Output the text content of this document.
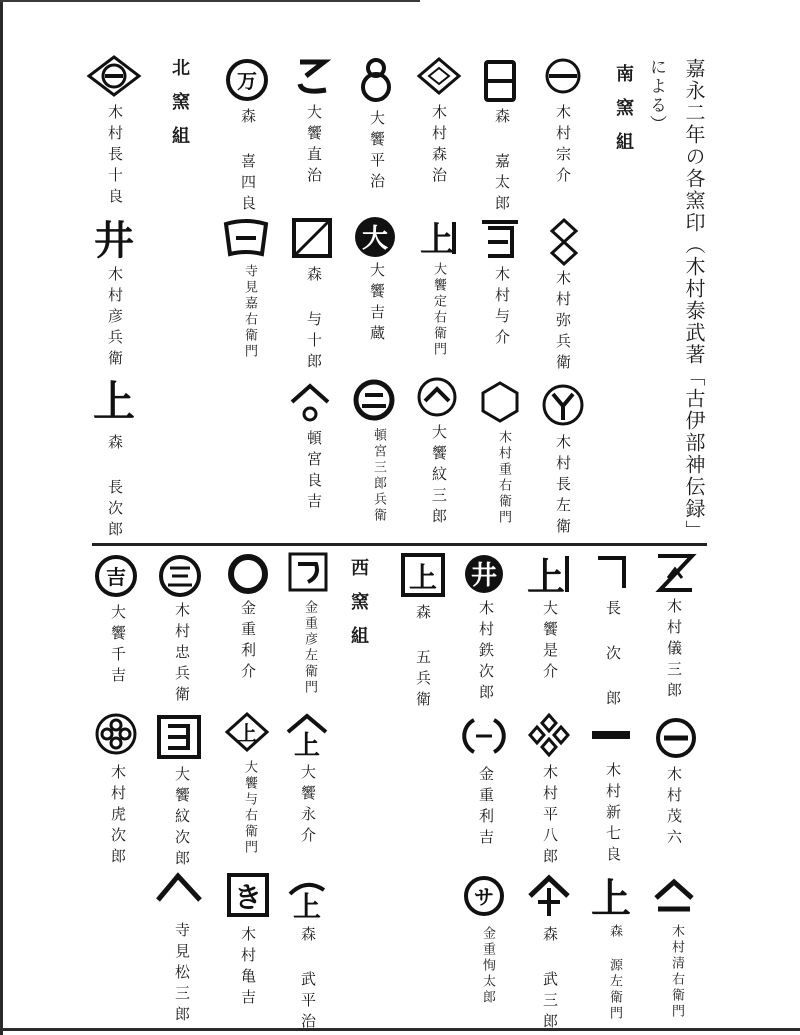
嘉永二年の各窯印（木村泰武著「古伊部神伝録」
による）
南窯組
北窯組
西窯組
木村宗介
木村弥兵衛
木村長左衛
森 嘉太郎
木村与介
木村重右衛門
木村森治
上
大饗定右衛門
大饗紋三郎
大饗平治
大
大饗吉蔵
頓宮三郎兵衛
大饗直治
森 与十郎
頓宮良吉
万
森 喜四良
寺見嘉右衛門
木村長十良
井
木村彦兵衛
上
森 長次郎
木村儀三郎
木村茂六
木村清右衛門
長 次 郎
木村新七良
上
森 源左衛門
上
大饗是介
木村平八郎
森 武三郎
井
木村鉄次郎
金重利吉
サ
金重恂太郎
上
森 五兵衛
金重彦左衛門
上
大饗永介
上
森 武平治
金重利介
上
大饗与右衛門
き
木村亀吉
木村忠兵衛
大饗紋次郎
寺見松三郎
吉
大饗千吉
木村虎次郎
